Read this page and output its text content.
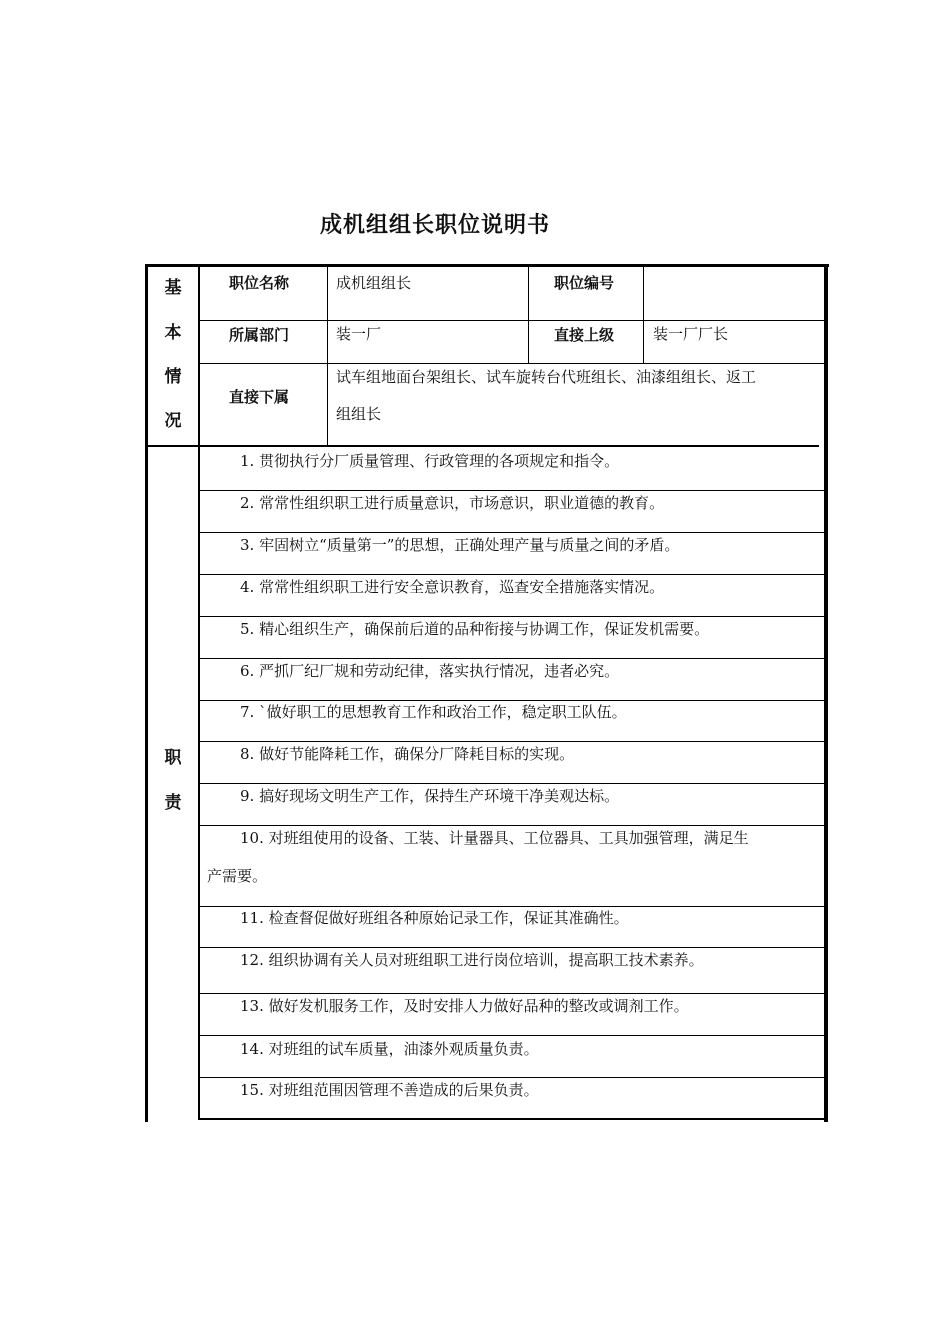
成机组组长职位说明书
基
本
情
况
职位名称	成机组组长	职位编号
所属部门	装一厂	直接上级	装一厂厂长
直接下属
试车组地面台架组长、试车旋转台代班组长、油漆组组长、返工
组组长
职
责
1. 贯彻执行分厂质量管理、行政管理的各项规定和指令。
2. 常常性组织职工进行质量意识，市场意识，职业道德的教育。
3. 牢固树立“质量第一”的思想，正确处理产量与质量之间的矛盾。
4. 常常性组织职工进行安全意识教育，巡查安全措施落实情况。
5. 精心组织生产，确保前后道的品种衔接与协调工作，保证发机需要。
6. 严抓厂纪厂规和劳动纪律，落实执行情况，违者必究。
7. `做好职工的思想教育工作和政治工作，稳定职工队伍。
8. 做好节能降耗工作，确保分厂降耗目标的实现。
9. 搞好现场文明生产工作，保持生产环境干净美观达标。
10. 对班组使用的设备、工装、计量器具、工位器具、工具加强管理，满足生
产需要。
11. 检查督促做好班组各种原始记录工作，保证其准确性。
12. 组织协调有关人员对班组职工进行岗位培训，提高职工技术素养。
13. 做好发机服务工作，及时安排人力做好品种的整改或调剂工作。
14. 对班组的试车质量，油漆外观质量负责。
15. 对班组范围因管理不善造成的后果负责。
